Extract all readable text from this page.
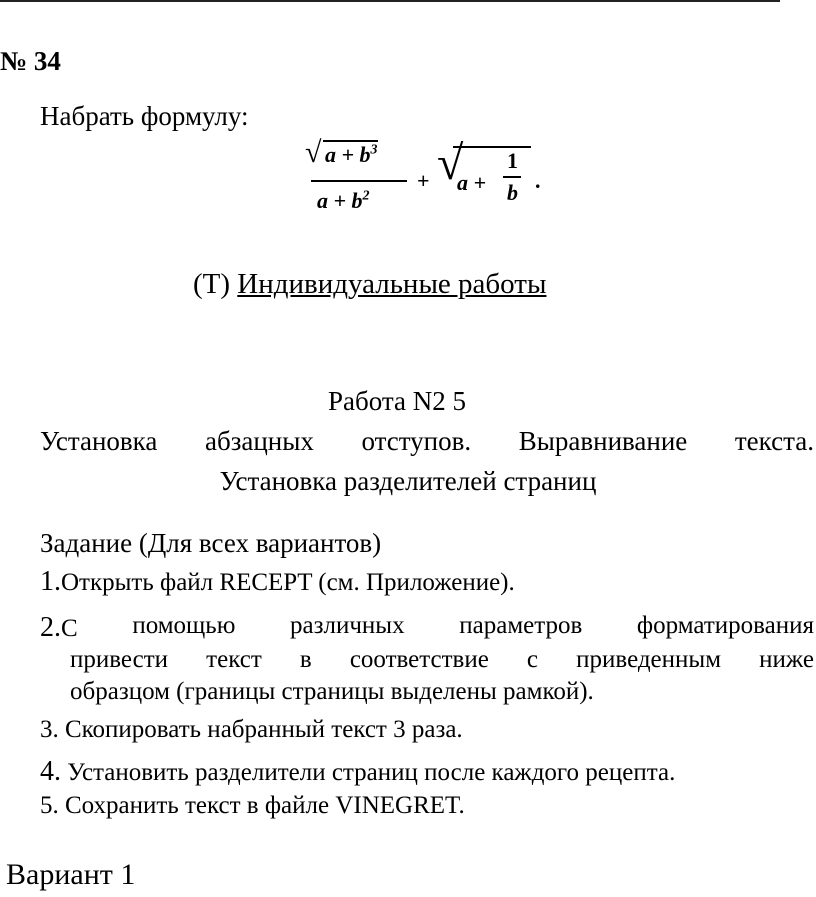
№ 34
Набрать формулу:
√ $a + b^3$
$a + b^2$
+ √
a +
1
b .
(Т) Индивидуальные работы
Работа N2 5
Установка абзацных отступов. Выравнивание текста.
Установка разделителей страниц
Задание (Для всех вариантов)
1.Открыть файл RECEPT (см. Приложение).
2.С помощью различных параметров форматирования
привести текст в соответствие с приведенным ниже
образцом (границы страницы выделены рамкой).
3. Скопировать набранный текст 3 раза.
4. Установить разделители страниц после каждого рецепта.
5. Сохранить текст в файле VINEGRET.
Вариант 1
